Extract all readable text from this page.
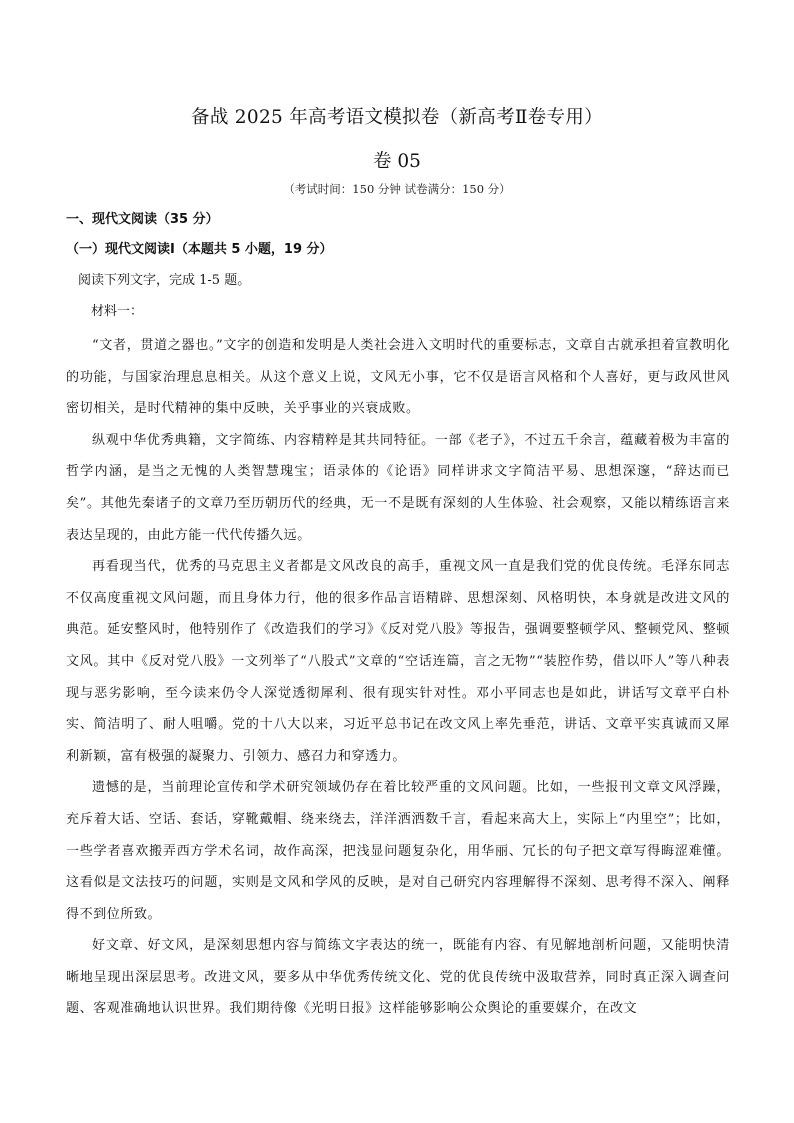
备战 2025 年高考语文模拟卷（新高考Ⅱ卷专用）
卷 05
（考试时间：150 分钟 试卷满分：150 分）
一、现代文阅读（35 分）
（一）现代文阅读Ⅰ（本题共 5 小题，19 分）
阅读下列文字，完成 1-5 题。
材料一：

“文者，贯道之器也。”文字的创造和发明是人类社会进入文明时代的重要标志，文章自古就承担着宣教明化的功能，与国家治理息息相关。从这个意义上说，文风无小事，它不仅是语言风格和个人喜好，更与政风世风密切相关，是时代精神的集中反映，关乎事业的兴衰成败。

纵观中华优秀典籍，文字简练、内容精粹是其共同特征。一部《老子》，不过五千余言，蕴藏着极为丰富的哲学内涵，是当之无愧的人类智慧瑰宝；语录体的《论语》同样讲求文字简洁平易、思想深邃，“辞达而已矣”。其他先秦诸子的文章乃至历朝历代的经典，无一不是既有深刻的人生体验、社会观察，又能以精练语言来表达呈现的，由此方能一代代传播久远。

再看现当代，优秀的马克思主义者都是文风改良的高手，重视文风一直是我们党的优良传统。毛泽东同志不仅高度重视文风问题，而且身体力行，他的很多作品言语精辟、思想深刻、风格明快，本身就是改进文风的典范。延安整风时，他特别作了《改造我们的学习》《反对党八股》等报告，强调要整顿学风、整顿党风、整顿文风。其中《反对党八股》一文列举了“八股式”文章的“空话连篇，言之无物”“装腔作势，借以吓人”等八种表现与恶劣影响，至今读来仍令人深觉透彻犀利、很有现实针对性。邓小平同志也是如此，讲话写文章平白朴实、简洁明了、耐人咀嚼。党的十八大以来，习近平总书记在改文风上率先垂范，讲话、文章平实真诚而又犀利新颖，富有极强的凝聚力、引领力、感召力和穿透力。

遗憾的是，当前理论宣传和学术研究领域仍存在着比较严重的文风问题。比如，一些报刊文章文风浮躁，充斥着大话、空话、套话，穿靴戴帽、绕来绕去，洋洋洒洒数千言，看起来高大上，实际上“内里空”；比如，一些学者喜欢搬弄西方学术名词，故作高深，把浅显问题复杂化，用华丽、冗长的句子把文章写得晦涩难懂。这看似是文法技巧的问题，实则是文风和学风的反映，是对自己研究内容理解得不深刻、思考得不深入、阐释得不到位所致。

好文章、好文风，是深刻思想内容与简练文字表达的统一，既能有内容、有见解地剖析问题，又能明快清晰地呈现出深层思考。改进文风，要多从中华优秀传统文化、党的优良传统中汲取营养，同时真正深入调查问题、客观准确地认识世界。我们期待像《光明日报》这样能够影响公众舆论的重要媒介，在改文
